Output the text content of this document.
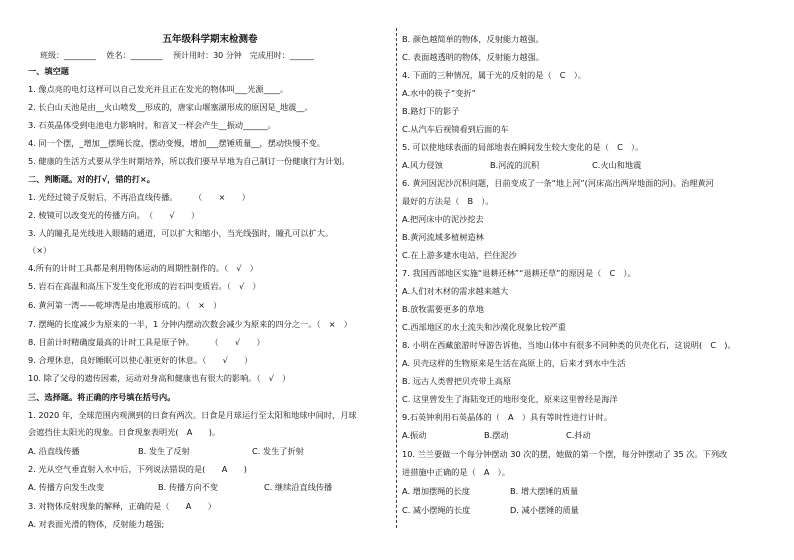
五年级科学期末检测卷
班级：________　 姓名：________　 预计用时：30 分钟　完成用时：______
一、填空题
1. 像点亮的电灯这样可以自己发光并且正在发光的物体叫___光源____。
2. 长白山天池是由__火山喷发__形成的，唐家山堰塞湖形成的原因是_地震__。
3. 石英晶体受到电池电力影响时，和音叉一样会产生__振动______。
4. 同一个摆，_增加__摆绳长度，摆动变慢，增加___摆锤质量__，摆动快慢不变。
5. 健康的生活方式要从学生时期培养，所以我们要早早地为自己制订一份健康行为计划。
二、判断题。对的打√，错的打×。
1. 光经过镜子反射后，不再沿直线传播。　　　（　　×　　）
2. 棱镜可以改变光的传播方向。　（　　√　　）
3. 人的瞳孔是光线进入眼睛的通道，可以扩大和缩小，当光线强时，瞳孔可以扩大。
（×）
4.所有的计时工具都是利用物体运动的周期性制作的。（　√　）
5. 岩石在高温和高压下发生变化形成的岩石叫变质岩。（　√　）
6. 黄河第一湾——乾坤湾是由地震形成的。（　×　）
7. 摆绳的长度减少为原来的一半，1 分钟内摆动次数会减少为原来的四分之一。（　×　）
8. 目前计时精确度最高的计时工具是原子钟。　　　（　　√　　）
9. 合理休息，良好睡眠可以使心脏更好的休息。（　　√　　）
10. 除了父母的遗传因素，运动对身高和健康也有很大的影响。（　√　）
三、选择题。将正确的序号填在括号内。
1. 2020 年，全球范围内观测到的日食有两次。日食是月球运行至太阳和地球中间时，月球
会遮挡住太阳光的现象。日食现象表明光(　A　　)。
A. 沿直线传播	B. 发生了反射	C. 发生了折射
2. 光从空气垂直射入水中后，下列说法错误的是(　　A　　)
A. 传播方向发生改变	B. 传播方向不变	C. 继续沿直线传播
3. 对物体反射现象的解释，正确的是（　　A　　）
A. 对表面光滑的物体，反射能力越强;
B. 颜色越简单的物体，反射能力越强。
C. 表面越透明的物体，反射能力越强。
4. 下面的三种情况，属于光的反射的是（　C　）。
A.水中的筷子“变折”
B.路灯下的影子
C.从汽车后视镜看到后面的车
5. 可以使地球表面的局部地表在瞬间发生较大变化的是（　C　）。
A.风力侵蚀	B.河流的沉积	C.火山和地震
6. 黄河因泥沙沉积问题，目前变成了一条“地上河”(河床高出两岸地面的河)。治理黄河
最好的方法是（　B　）。
A.把河床中的泥沙挖去
B.黄河流域多植树造林
C.在上游多建水电站，拦住泥沙
7. 我国西部地区实施“退耕还林”“退耕还草”的原因是（　C　）。
A.人们对木材的需求越来越大
B.放牧需要更多的草地
C.西部地区的水土流失和沙漠化现象比较严重
8. 小明在西藏旅游时导游告诉他，当地山体中有很多不同种类的贝壳化石，这说明(　C　)。
A. 贝壳这样的生物原来是生活在高原上的，后来才到水中生活
B. 远古人类曾把贝壳带上高原
C. 这里曾发生了海陆变迁的地形变化，原来这里曾经是海洋
9.石英钟利用石英晶体的（　A　）具有等时性进行计时。
A.振动	B.摆动	C.抖动
10. 兰兰要做一个每分钟摆动 30 次的摆，她做的第一个摆，每分钟摆动了 35 次。下列改
进措施中正确的是（　A　）。
A. 增加摆绳的长度	B. 增大摆锤的质量
C. 减小摆绳的长度	D. 减小摆锤的质量
